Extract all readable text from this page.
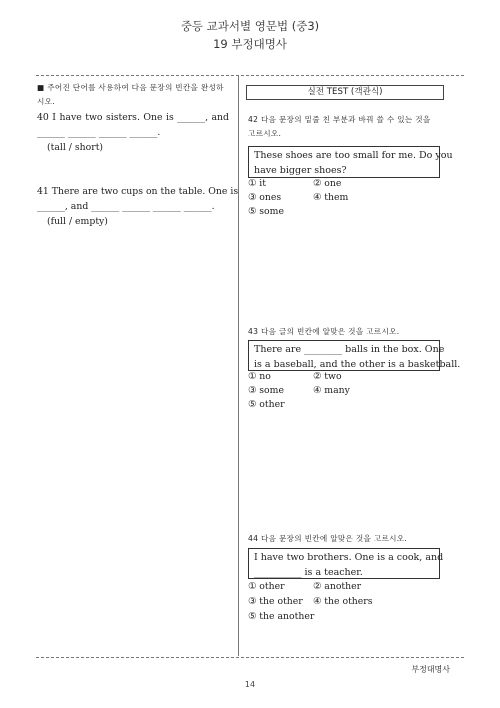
중등 교과서별 영문법 (중3)
19 부정대명사
■ 주어진 단어를 사용하여 다음 문장의 빈칸을 완성하
시오.
40 I have two sisters. One is ______, and
______ ______ ______ ______.
(tall / short)
41 There are two cups on the table. One is
______, and ______ ______ ______ ______.
(full / empty)
실전 TEST (객관식)
42 다음 문장의 밑줄 친 부분과 바꿔 쓸 수 있는 것을
고르시오.
These shoes are too small for me. Do you
have bigger shoes?
① it	② one
③ ones	④ them
⑤ some
43 다음 글의 빈칸에 알맞은 것을 고르시오.
There are ________ balls in the box. One
is a baseball, and the other is a basketball.
① no	② two
③ some	④ many
⑤ other
44 다음 문장의 빈칸에 알맞은 것을 고르시오.
I have two brothers. One is a cook, and
__________ is a teacher.
① other	② another
③ the other ④ the others
⑤ the another
부정대명사
14
